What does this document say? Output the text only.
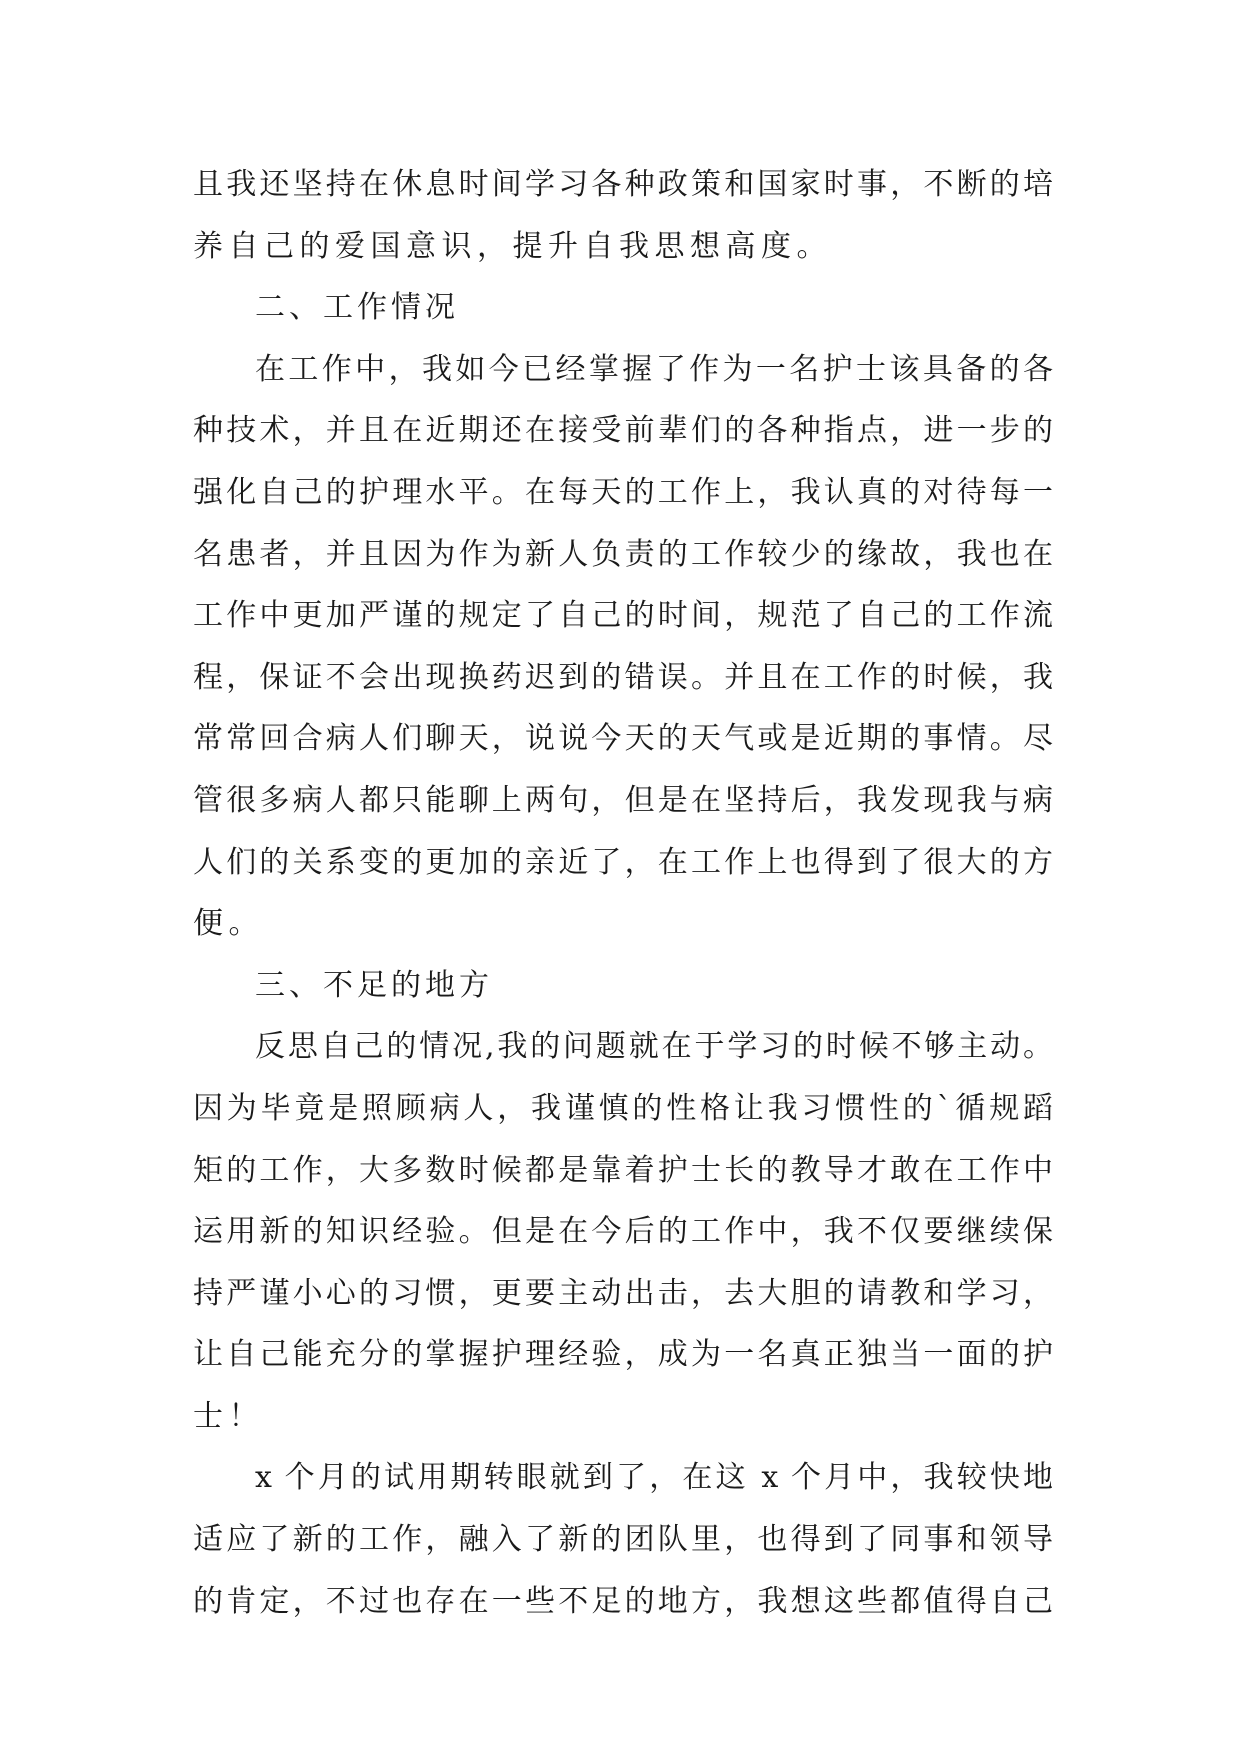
且我还坚持在休息时间学习各种政策和国家时事，不断的培
养自己的爱国意识，提升自我思想高度。
二、工作情况
在工作中，我如今已经掌握了作为一名护士该具备的各
种技术，并且在近期还在接受前辈们的各种指点，进一步的
强化自己的护理水平。在每天的工作上，我认真的对待每一
名患者，并且因为作为新人负责的工作较少的缘故，我也在
工作中更加严谨的规定了自己的时间，规范了自己的工作流
程，保证不会出现换药迟到的错误。并且在工作的时候，我
常常回合病人们聊天，说说今天的天气或是近期的事情。尽
管很多病人都只能聊上两句，但是在坚持后，我发现我与病
人们的关系变的更加的亲近了，在工作上也得到了很大的方
便。
三、不足的地方
反思自己的情况,我的问题就在于学习的时候不够主动。
因为毕竟是照顾病人，我谨慎的性格让我习惯性的`循规蹈
矩的工作，大多数时候都是靠着护士长的教导才敢在工作中
运用新的知识经验。但是在今后的工作中，我不仅要继续保
持严谨小心的习惯，更要主动出击，去大胆的请教和学习，
让自己能充分的掌握护理经验，成为一名真正独当一面的护
士！
x 个月的试用期转眼就到了，在这 x 个月中，我较快地
适应了新的工作，融入了新的团队里，也得到了同事和领导
的肯定，不过也存在一些不足的地方，我想这些都值得自己
